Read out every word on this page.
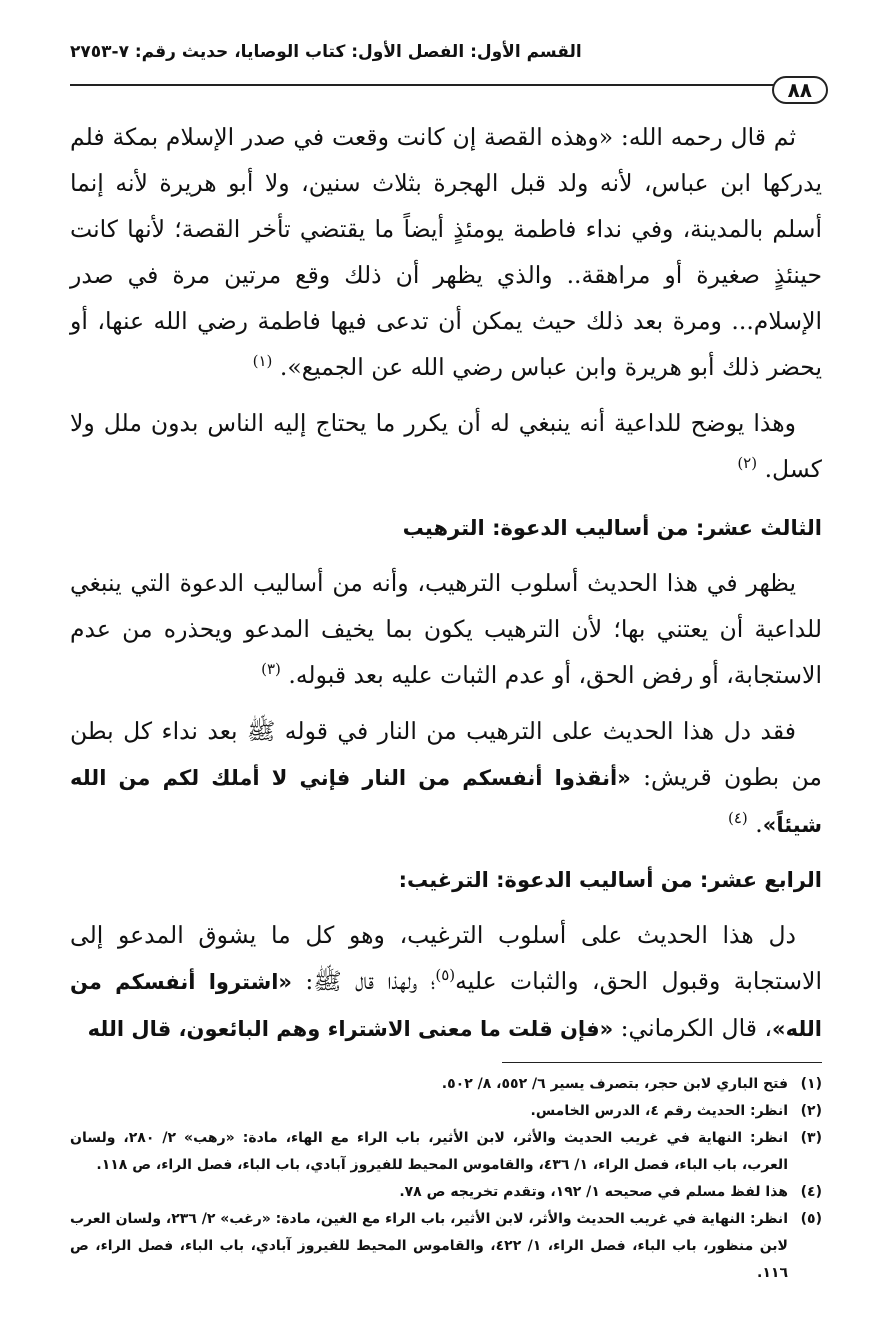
القسم الأول: الفصل الأول: كتاب الوصايا، حديث رقم: ٧-٢٧٥٣
٨٨

ثم قال رحمه الله: «وهذه القصة إن كانت وقعت في صدر الإسلام بمكة فلم يدركها ابن عباس، لأنه ولد قبل الهجرة بثلاث سنين، ولا أبو هريرة لأنه إنما أسلم بالمدينة، وفي نداء فاطمة يومئذٍ أيضاً ما يقتضي تأخر القصة؛ لأنها كانت حينئذٍ صغيرة أو مراهقة.. والذي يظهر أن ذلك وقع مرتين مرة في صدر الإسلام... ومرة بعد ذلك حيث يمكن أن تدعى فيها فاطمة رضي الله عنها، أو يحضر ذلك أبو هريرة وابن عباس رضي الله عن الجميع». $^{(١)}$

وهذا يوضح للداعية أنه ينبغي له أن يكرر ما يحتاج إليه الناس بدون ملل ولا كسل. $^{(٢)}$

الثالث عشر: من أساليب الدعوة: الترهيب

يظهر في هذا الحديث أسلوب الترهيب، وأنه من أساليب الدعوة التي ينبغي للداعية أن يعتني بها؛ لأن الترهيب يكون بما يخيف المدعو ويحذره من عدم الاستجابة، أو رفض الحق، أو عدم الثبات عليه بعد قبوله. $^{(٣)}$

فقد دل هذا الحديث على الترهيب من النار في قوله ﷺ بعد نداء كل بطن من بطون قريش: «أنقذوا أنفسكم من النار فإني لا أملك لكم من الله شيئاً». $^{(٤)}$

الرابع عشر: من أساليب الدعوة: الترغيب:

دل هذا الحديث على أسلوب الترغيب، وهو كل ما يشوق المدعو إلى الاستجابة وقبول الحق، والثبات عليه$^{(٥)}$؛ ولهذا قال ﷺ: «اشتروا أنفسكم من الله»، قال الكرماني: «فإن قلت ما معنى الاشتراء وهم البائعون، قال الله

(١)
فتح الباري لابن حجر، بتصرف يسير ٦/ ٥٥٢، ٨/ ٥٠٢.
(٢)
انظر: الحديث رقم ٤، الدرس الخامس.
(٣)
انظر: النهاية في غريب الحديث والأثر، لابن الأثير، باب الراء مع الهاء، مادة: «رهب» ٢/ ٢٨٠، ولسان العرب، باب الباء، فصل الراء، ١/ ٤٣٦، والقاموس المحيط للفيروز آبادي، باب الباء، فصل الراء، ص ١١٨.
(٤)
هذا لفظ مسلم في صحيحه ١/ ١٩٢، وتقدم تخريجه ص ٧٨.
(٥)
انظر: النهاية في غريب الحديث والأثر، لابن الأثير، باب الراء مع الغين، مادة: «رغب» ٢/ ٢٣٦، ولسان العرب لابن منظور، باب الباء، فصل الراء، ١/ ٤٢٢، والقاموس المحيط للفيروز آبادي، باب الباء، فصل الراء، ص ١١٦.
